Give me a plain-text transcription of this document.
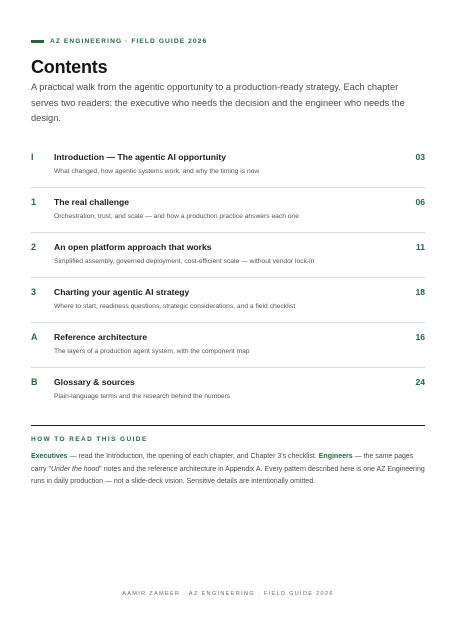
AZ ENGINEERING · FIELD GUIDE 2026
Contents

A practical walk from the agentic opportunity to a production-ready strategy. Each chapter serves two readers: the executive who needs the decision and the engineer who needs the design.

I Introduction — The agentic AI opportunity
What changed, how agentic systems work, and why the timing is now
03
1 The real challenge
Orchestration, trust, and scale — and how a production practice answers each one
06
2 An open platform approach that works
Simplified assembly, governed deployment, cost-efficient scale — without vendor lock-in
11
3 Charting your agentic AI strategy
Where to start, readiness questions, strategic considerations, and a field checklist
18
A Reference architecture
The layers of a production agent system, with the component map
16
B Glossary & sources
Plain-language terms and the research behind the numbers
24
HOW TO READ THIS GUIDE

Executives — read the Introduction, the opening of each chapter, and Chapter 3's checklist. Engineers — the same pages carry "Under the hood" notes and the reference architecture in Appendix A. Every pattern described here is one AZ Engineering runs in daily production — not a slide-deck vision. Sensitive details are intentionally omitted.

AAMIR ZAMEER · AZ ENGINEERING · FIELD GUIDE 2026
